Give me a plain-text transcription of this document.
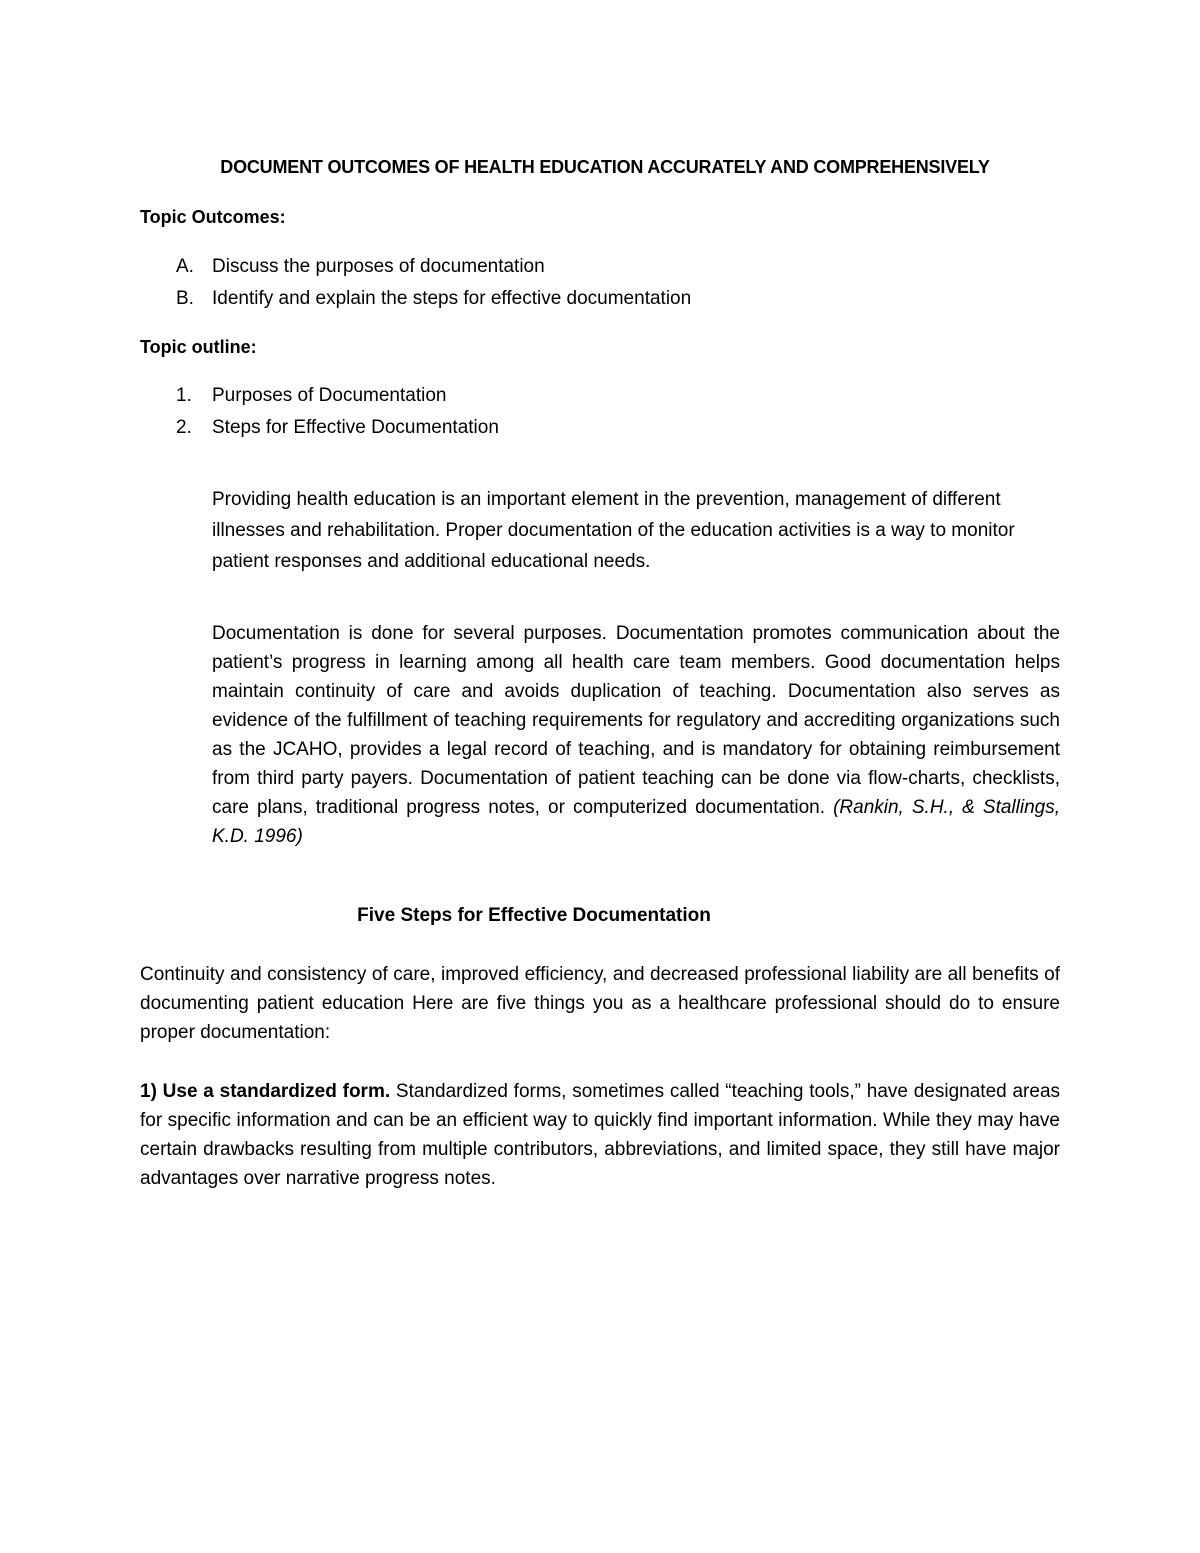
DOCUMENT OUTCOMES OF HEALTH EDUCATION ACCURATELY AND COMPREHENSIVELY

Topic Outcomes:

A. Discuss the purposes of documentation
B. Identify and explain the steps for effective documentation

Topic outline:

1. Purposes of Documentation
2. Steps for Effective Documentation

Providing health education is an important element in the prevention, management of different illnesses and rehabilitation. Proper documentation of the education activities is a way to monitor patient responses and additional educational needs.

Documentation is done for several purposes. Documentation promotes communication about the patient’s progress in learning among all health care team members. Good documentation helps maintain continuity of care and avoids duplication of teaching. Documentation also serves as evidence of the fulfillment of teaching requirements for regulatory and accrediting organizations such as the JCAHO, provides a legal record of teaching, and is mandatory for obtaining reimbursement from third party payers. Documentation of patient teaching can be done via flow-charts, checklists, care plans, traditional progress notes, or computerized documentation. (Rankin, S.H., & Stallings, K.D. 1996)

Five Steps for Effective Documentation

Continuity and consistency of care, improved efficiency, and decreased professional liability are all benefits of documenting patient education Here are five things you as a healthcare professional should do to ensure proper documentation:

1) Use a standardized form. Standardized forms, sometimes called “teaching tools,” have designated areas for specific information and can be an efficient way to quickly find important information. While they may have certain drawbacks resulting from multiple contributors, abbreviations, and limited space, they still have major advantages over narrative progress notes.
